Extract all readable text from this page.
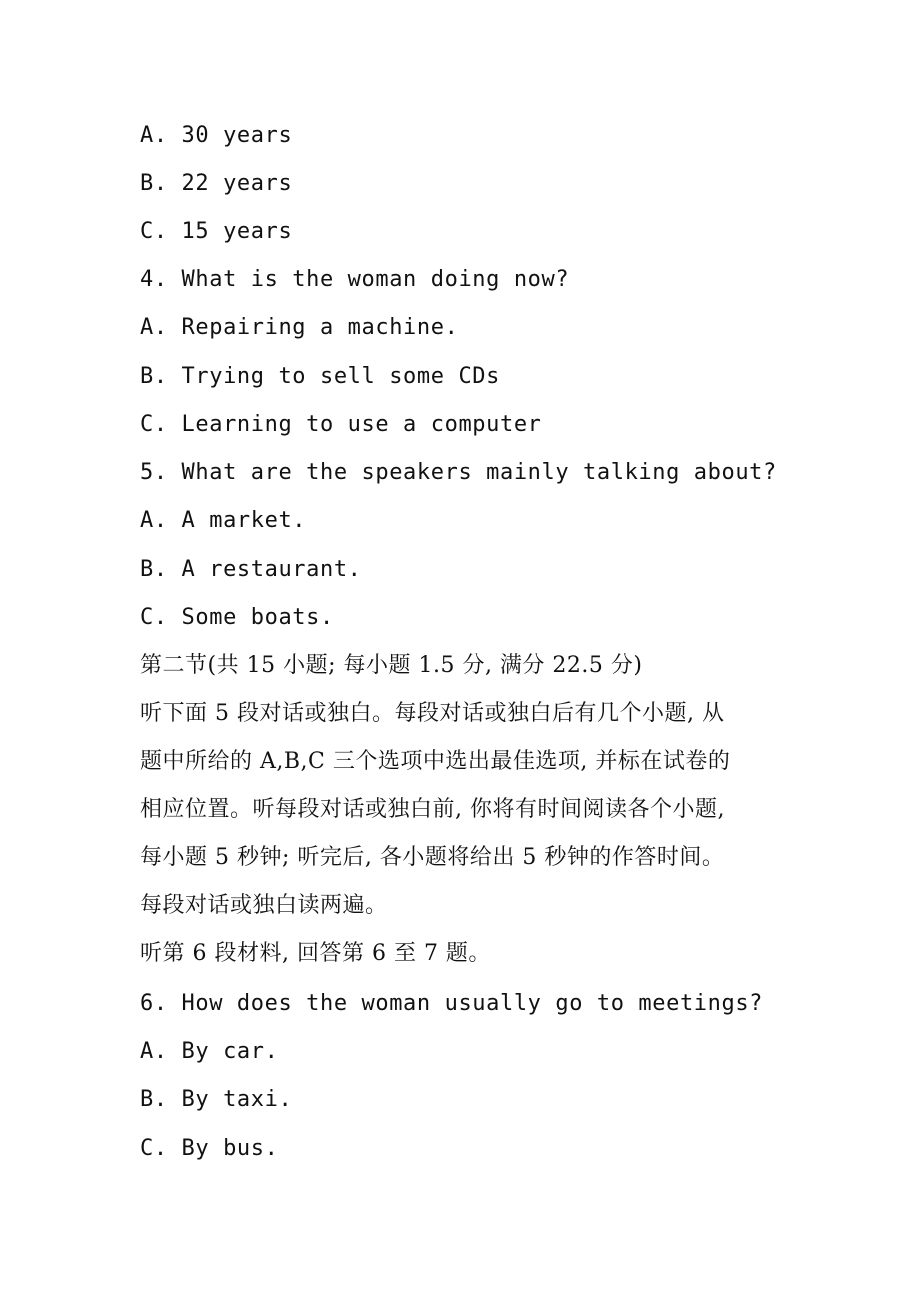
A. 30 years
B. 22 years
C. 15 years
4. What is the woman doing now?
A. Repairing a machine.
B. Trying to sell some CDs
C. Learning to use a computer
5. What are the speakers mainly talking about?
A. A market.
B. A restaurant.
C. Some boats.
第二节(共 15 小题; 每小题 1.5 分, 满分 22.5 分)
听下面 5 段对话或独白。每段对话或独白后有几个小题, 从
题中所给的 A,B,C 三个选项中选出最佳选项, 并标在试卷的
相应位置。听每段对话或独白前, 你将有时间阅读各个小题,
每小题 5 秒钟; 听完后, 各小题将给出 5 秒钟的作答时间。
每段对话或独白读两遍。
听第 6 段材料, 回答第 6 至 7 题。
6. How does the woman usually go to meetings?
A. By car.
B. By taxi.
C. By bus.
